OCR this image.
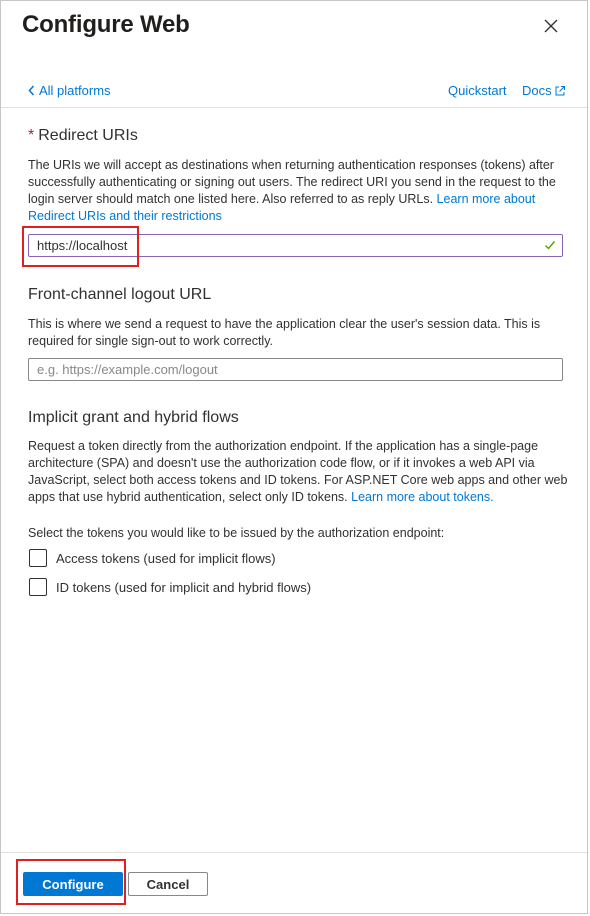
Configure Web
All platforms	Quickstart Docs
* Redirect URIs
The URIs we will accept as destinations when returning authentication responses (tokens) after successfully authenticating or signing out users. The redirect URI you send in the request to the login server should match one listed here. Also referred to as reply URLs. Learn more about Redirect URIs and their restrictions
https://localhost
Front-channel logout URL
This is where we send a request to have the application clear the user's session data. This is required for single sign-out to work correctly.
e.g. https://example.com/logout
Implicit grant and hybrid flows
Request a token directly from the authorization endpoint. If the application has a single-page architecture (SPA) and doesn't use the authorization code flow, or if it invokes a web API via JavaScript, select both access tokens and ID tokens. For ASP.NET Core web apps and other web apps that use hybrid authentication, select only ID tokens. Learn more about tokens.
Select the tokens you would like to be issued by the authorization endpoint:
Access tokens (used for implicit flows)
ID tokens (used for implicit and hybrid flows)
Configure	Cancel
